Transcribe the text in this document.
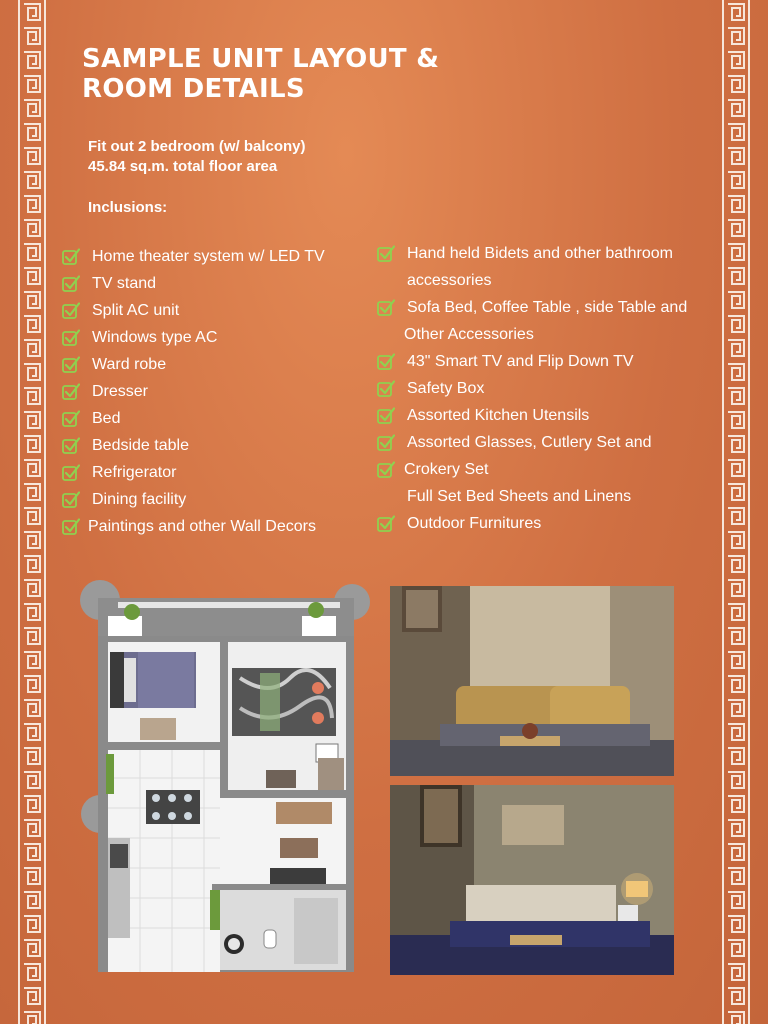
SAMPLE UNIT LAYOUT & ROOM DETAILS
Fit out 2 bedroom (w/ balcony)
45.84 sq.m. total floor area
Inclusions:
Home theater system w/ LED TV
TV stand
Split AC unit
Windows type AC
Ward robe
Dresser
Bed
Bedside table
Refrigerator
Dining facility
Paintings and other Wall Decors
Hand held Bidets and other bathroom
accessories
Sofa Bed, Coffee Table , side Table and
Other Accessories
43" Smart TV and Flip Down TV
Safety Box
Assorted Kitchen Utensils
Assorted Glasses, Cutlery Set and
Crokery Set
Full Set Bed Sheets and Linens
Outdoor Furnitures
